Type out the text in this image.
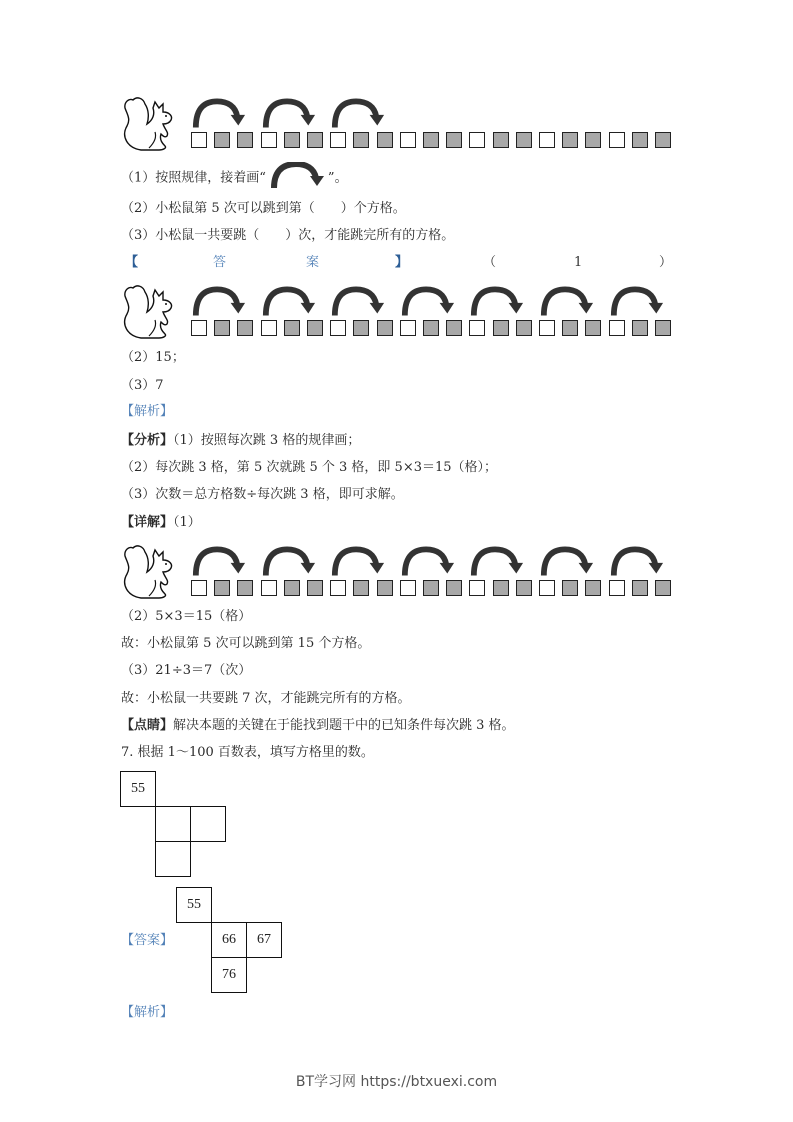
（1）按照规律，接着画“	”。
（2）小松鼠第 5 次可以跳到第（　　）个方格。
（3）小松鼠一共要跳（　　）次，才能跳完所有的方格。
【	答	案	】	（	1	）
（2）15；
（3）7
【解析】
【分析】（1）按照每次跳 3 格的规律画；
（2）每次跳 3 格，第 5 次就跳 5 个 3 格，即 5×3＝15（格）；
（3）次数＝总方格数÷每次跳 3 格，即可求解。
【详解】（1）
（2）5×3＝15（格）
故：小松鼠第 5 次可以跳到第 15 个方格。
（3）21÷3＝7（次）
故：小松鼠一共要跳 7 次，才能跳完所有的方格。
【点睛】解决本题的关键在于能找到题干中的已知条件每次跳 3 格。
7. 根据 1～100 百数表，填写方格里的数。
55
55
66	67
76
【答案】
【解析】
BT学习网 https://btxuexi.com
